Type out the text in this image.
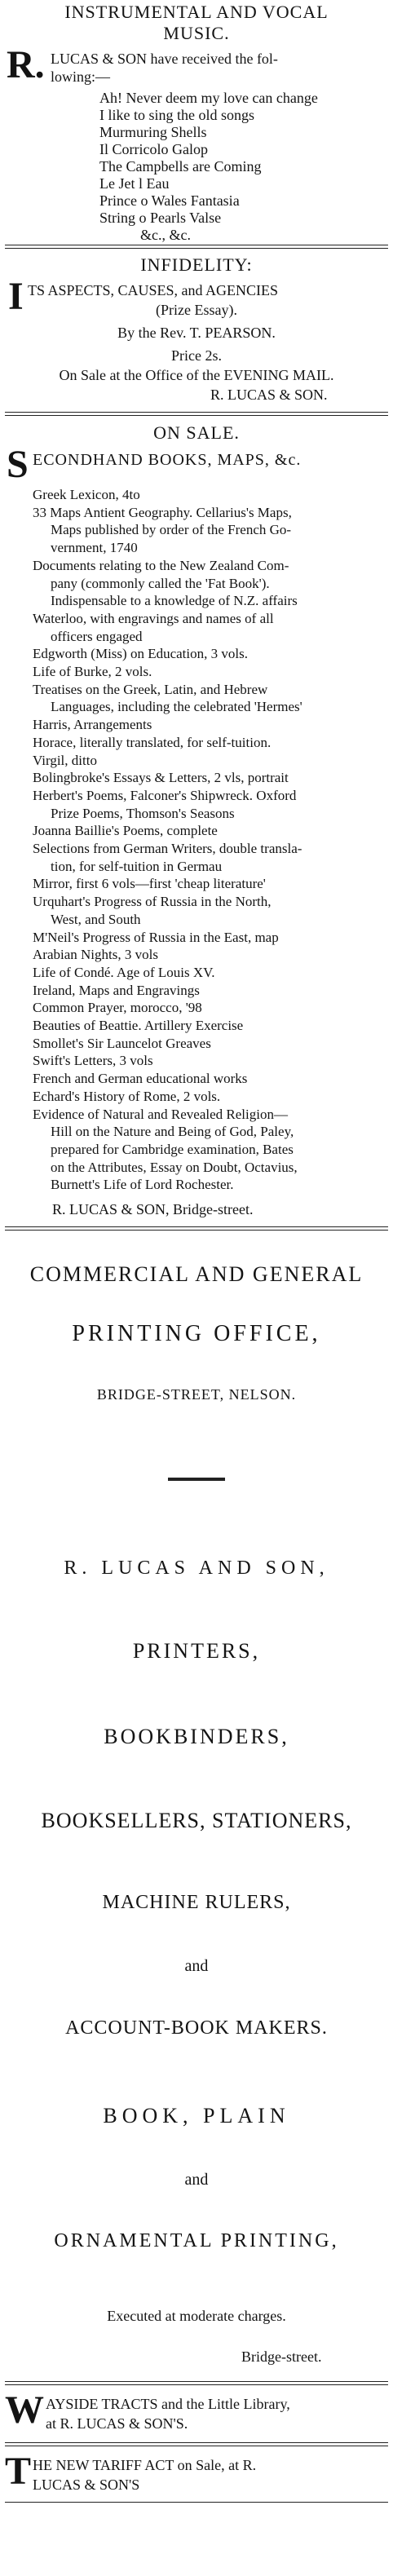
INSTRUMENTAL AND VOCAL
MUSIC.
R. LUCAS & SON have received the fol-
lowing:—
Ah! Never deem my love can change
I like to sing the old songs
Murmuring Shells
Il Corricolo Galop
The Campbells are Coming
Le Jet l Eau
Prince o Wales Fantasia
String o Pearls Valse
&c., &c.
INFIDELITY:
I TS ASPECTS, CAUSES, and AGENCIES
(Prize Essay).
By the Rev. T. PEARSON.
Price 2s.
On Sale at the Office of the EVENING MAIL.
R. LUCAS & SON.
ON SALE.
S ECONDHAND BOOKS, MAPS, &c.
Greek Lexicon, 4to
33 Maps Antient Geography. Cellarius's Maps,
Maps published by order of the French Go-
vernment, 1740
Documents relating to the New Zealand Com-
pany (commonly called the 'Fat Book').
Indispensable to a knowledge of N.Z. affairs
Waterloo, with engravings and names of all
officers engaged
Edgworth (Miss) on Education, 3 vols.
Life of Burke, 2 vols.
Treatises on the Greek, Latin, and Hebrew
Languages, including the celebrated 'Hermes'
Harris, Arrangements
Horace, literally translated, for self-tuition.
Virgil, ditto
Bolingbroke's Essays & Letters, 2 vls, portrait
Herbert's Poems, Falconer's Shipwreck. Oxford
Prize Poems, Thomson's Seasons
Joanna Baillie's Poems, complete
Selections from German Writers, double transla-
tion, for self-tuition in Germau
Mirror, first 6 vols—first 'cheap literature'
Urquhart's Progress of Russia in the North,
West, and South
M'Neil's Progress of Russia in the East, map
Arabian Nights, 3 vols
Life of Condé. Age of Louis XV.
Ireland, Maps and Engravings
Common Prayer, morocco, '98
Beauties of Beattie. Artillery Exercise
Smollet's Sir Launcelot Greaves
Swift's Letters, 3 vols
French and German educational works
Echard's History of Rome, 2 vols.
Evidence of Natural and Revealed Religion—
Hill on the Nature and Being of God, Paley,
prepared for Cambridge examination, Bates
on the Attributes, Essay on Doubt, Octavius,
Burnett's Life of Lord Rochester.
R. LUCAS & SON, Bridge-street.
COMMERCIAL AND GENERAL
PRINTING OFFICE,
BRIDGE-STREET, NELSON.
R. LUCAS AND SON,
PRINTERS,
BOOKBINDERS,
BOOKSELLERS, STATIONERS,
MACHINE RULERS,
and
ACCOUNT-BOOK MAKERS.
BOOK, PLAIN
and
ORNAMENTAL PRINTING,
Executed at moderate charges.
Bridge-street.
W AYSIDE TRACTS and the Little Library,
at R. LUCAS & SON'S.
T HE NEW TARIFF ACT on Sale, at R.
LUCAS & SON'S
